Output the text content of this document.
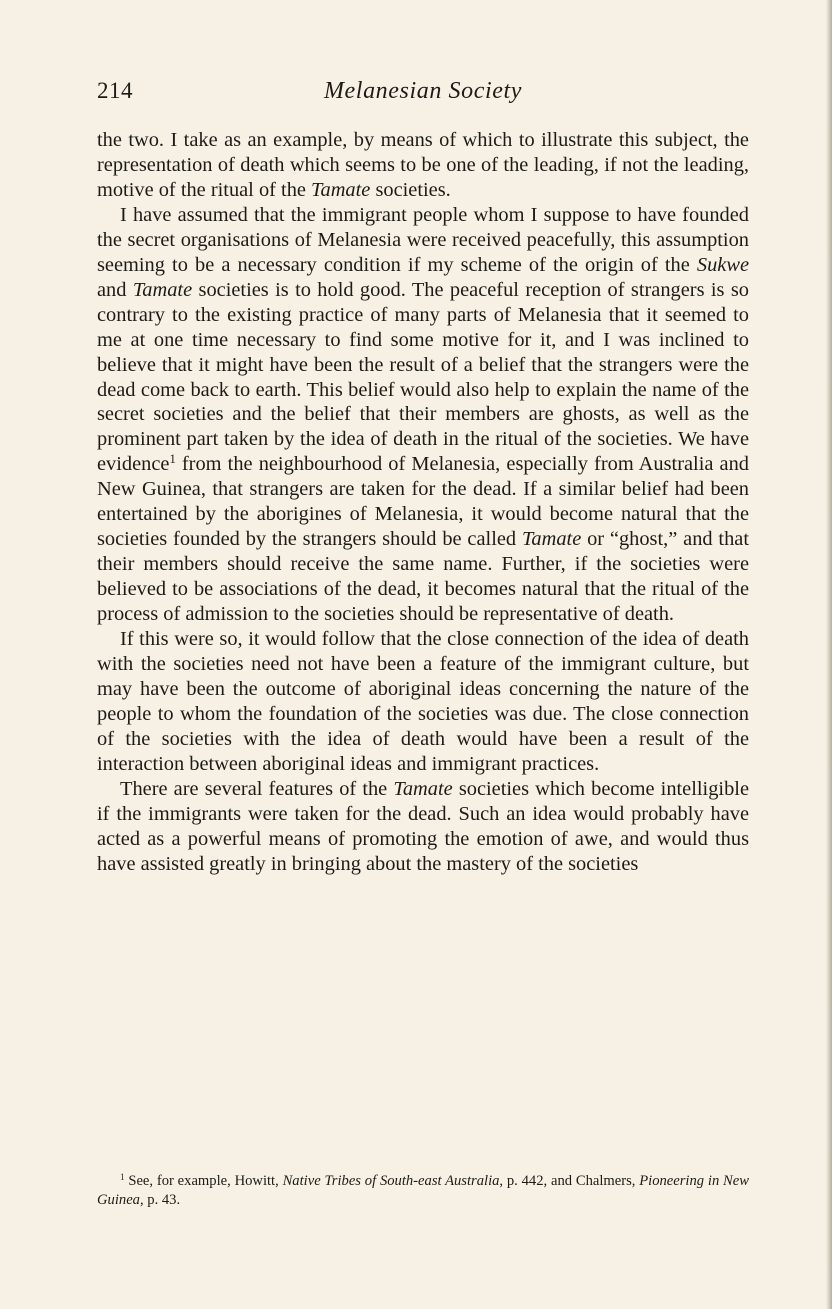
214	Melanesian Society

the two. I take as an example, by means of which to illustrate this subject, the representation of death which seems to be one of the leading, if not the leading, motive of the ritual of the Tamate societies.

I have assumed that the immigrant people whom I suppose to have founded the secret organisations of Melanesia were received peacefully, this assumption seeming to be a necessary condition if my scheme of the origin of the Sukwe and Tamate societies is to hold good. The peaceful reception of strangers is so contrary to the existing practice of many parts of Melanesia that it seemed to me at one time necessary to find some motive for it, and I was inclined to believe that it might have been the result of a belief that the strangers were the dead come back to earth. This belief would also help to explain the name of the secret societies and the belief that their members are ghosts, as well as the prominent part taken by the idea of death in the ritual of the societies. We have evidence$^1$ from the neighbourhood of Melanesia, especially from Australia and New Guinea, that strangers are taken for the dead. If a similar belief had been entertained by the aborigines of Melanesia, it would become natural that the societies founded by the strangers should be called Tamate or “ghost,” and that their members should receive the same name. Further, if the societies were believed to be associations of the dead, it becomes natural that the ritual of the process of admission to the societies should be representative of death.

If this were so, it would follow that the close connection of the idea of death with the societies need not have been a feature of the immigrant culture, but may have been the outcome of aboriginal ideas concerning the nature of the people to whom the foundation of the societies was due. The close connection of the societies with the idea of death would have been a result of the interaction between aboriginal ideas and immigrant practices.

There are several features of the Tamate societies which become intelligible if the immigrants were taken for the dead. Such an idea would probably have acted as a powerful means of promoting the emotion of awe, and would thus have assisted greatly in bringing about the mastery of the societies

$^1$ See, for example, Howitt, Native Tribes of South-east Australia, p. 442, and Chalmers, Pioneering in New Guinea, p. 43.
